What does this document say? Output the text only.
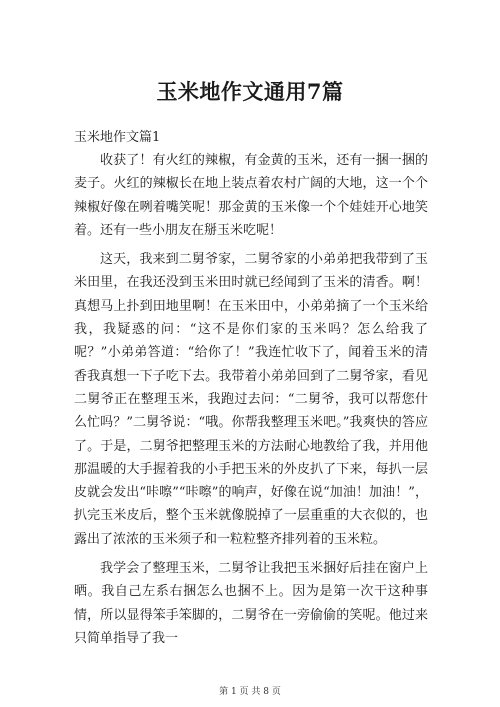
玉米地作文通用7篇
玉米地作文篇1

收获了！有火红的辣椒，有金黄的玉米，还有一捆一捆的麦子。火红的辣椒长在地上装点着农村广阔的大地，这一个个辣椒好像在咧着嘴笑呢！那金黄的玉米像一个个娃娃开心地笑着。还有一些小朋友在掰玉米吃呢！

这天，我来到二舅爷家，二舅爷家的小弟弟把我带到了玉米田里，在我还没到玉米田时就已经闻到了玉米的清香。啊！真想马上扑到田地里啊！在玉米田中，小弟弟摘了一个玉米给我，我疑惑的问：“这不是你们家的玉米吗？怎么给我了呢？”小弟弟答道：“给你了！”我连忙收下了，闻着玉米的清香我真想一下子吃下去。我带着小弟弟回到了二舅爷家，看见二舅爷正在整理玉米，我跑过去问：“二舅爷，我可以帮您什么忙吗？”二舅爷说：“哦。你帮我整理玉米吧。”我爽快的答应了。于是，二舅爷把整理玉米的方法耐心地教给了我，并用他那温暖的大手握着我的小手把玉米的外皮扒了下来，每扒一层皮就会发出“咔嚓”“咔嚓”的响声，好像在说“加油！加油！”，扒完玉米皮后，整个玉米就像脱掉了一层重重的大衣似的，也露出了浓浓的玉米须子和一粒粒整齐排列着的玉米粒。

我学会了整理玉米，二舅爷让我把玉米捆好后挂在窗户上晒。我自己左系右捆怎么也捆不上。因为是第一次干这种事情，所以显得笨手笨脚的，二舅爷在一旁偷偷的笑呢。他过来只简单指导了我一

第 1 页 共 8 页
